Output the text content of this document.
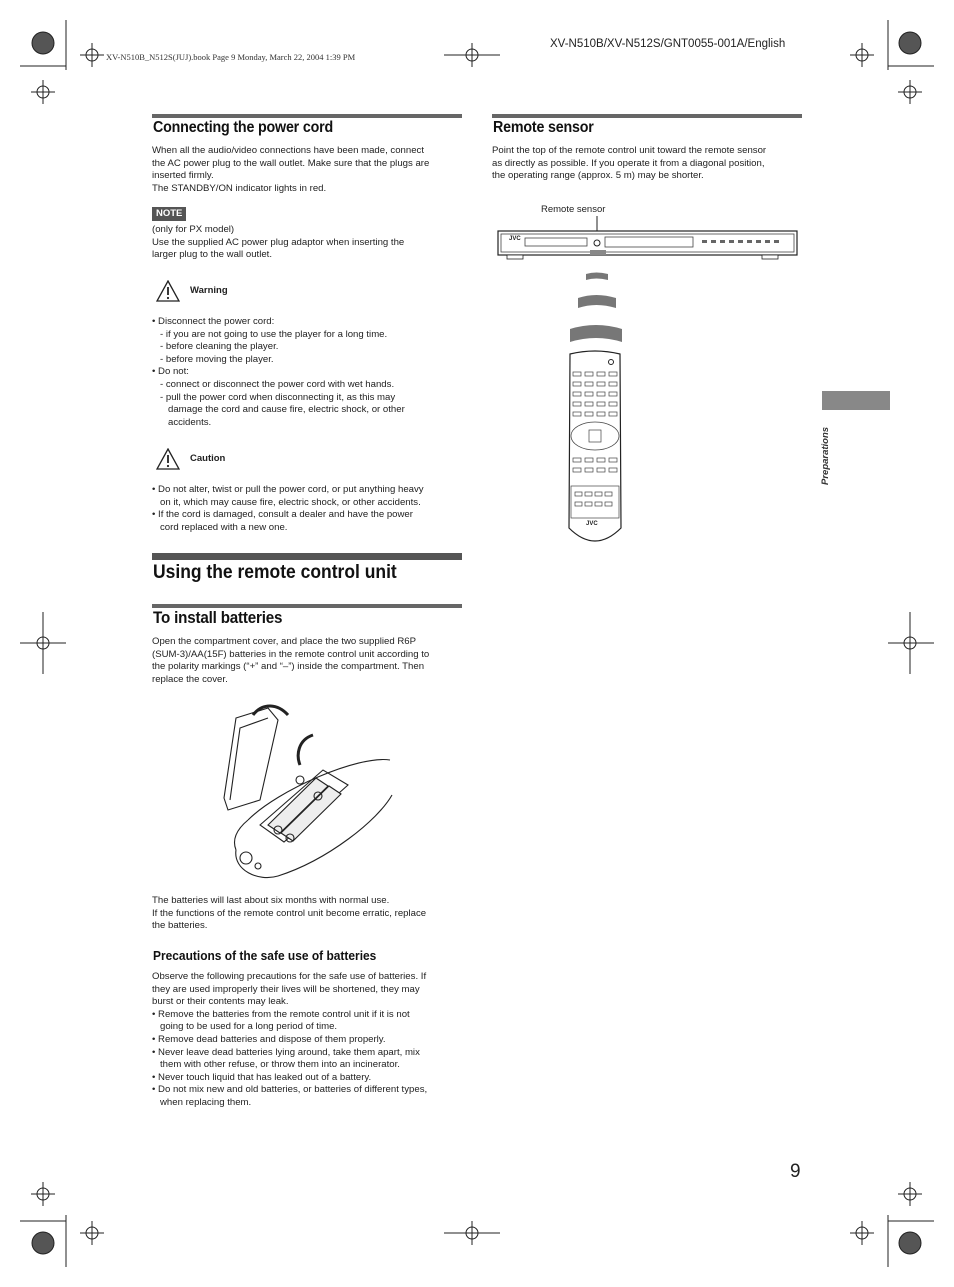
XV-N510B_N512S(JUJ).book Page 9 Monday, March 22, 2004 1:39 PM
XV-N510B/XV-N512S/GNT0055-001A/English
Connecting the power cord
When all the audio/video connections have been made, connect
the AC power plug to the wall outlet. Make sure that the plugs are
inserted firmly.
The STANDBY/ON indicator lights in red.
NOTE
(only for PX model)
Use the supplied AC power plug adaptor when inserting the
larger plug to the wall outlet.
Warning
• Disconnect the power cord:
- if you are not going to use the player for a long time.
- before cleaning the player.
- before moving the player.
• Do not:
- connect or disconnect the power cord with wet hands.
- pull the power cord when disconnecting it, as this may
damage the cord and cause fire, electric shock, or other
accidents.
Caution
• Do not alter, twist or pull the power cord, or put anything heavy
on it, which may cause fire, electric shock, or other accidents.
• If the cord is damaged, consult a dealer and have the power
cord replaced with a new one.
Using the remote control unit
To install batteries
Open the compartment cover, and place the two supplied R6P
(SUM-3)/AA(15F) batteries in the remote control unit according to
the polarity markings (“+” and “–”) inside the compartment. Then
replace the cover.
The batteries will last about six months with normal use.
If the functions of the remote control unit become erratic, replace
the batteries.
Precautions of the safe use of batteries
Observe the following precautions for the safe use of batteries. If
they are used improperly their lives will be shortened, they may
burst or their contents may leak.
• Remove the batteries from the remote control unit if it is not
going to be used for a long period of time.
• Remove dead batteries and dispose of them properly.
• Never leave dead batteries lying around, take them apart, mix
them with other refuse, or throw them into an incinerator.
• Never touch liquid that has leaked out of a battery.
• Do not mix new and old batteries, or batteries of different types,
when replacing them.
Remote sensor
Point the top of the remote control unit toward the remote sensor
as directly as possible. If you operate it from a diagonal position,
the operating range (approx. 5 m) may be shorter.
Remote sensor
JVC
JVC
Preparations
9
